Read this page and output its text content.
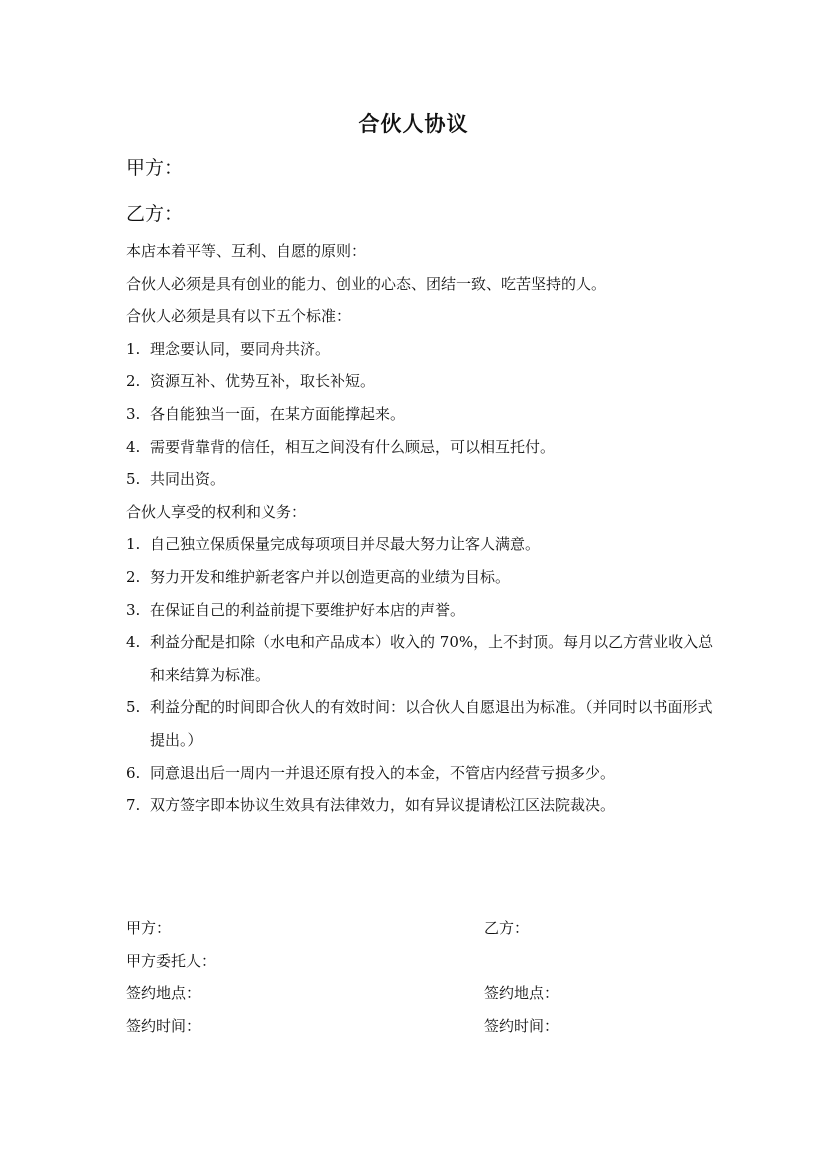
合伙人协议
甲方：
乙方：
本店本着平等、互利、自愿的原则：
合伙人必须是具有创业的能力、创业的心态、团结一致、吃苦坚持的人。
合伙人必须是具有以下五个标准：
1. 理念要认同，要同舟共济。
2. 资源互补、优势互补，取长补短。
3. 各自能独当一面，在某方面能撑起来。
4. 需要背靠背的信任，相互之间没有什么顾忌，可以相互托付。
5. 共同出资。
合伙人享受的权利和义务：
1. 自己独立保质保量完成每项项目并尽最大努力让客人满意。
2. 努力开发和维护新老客户并以创造更高的业绩为目标。
3. 在保证自己的利益前提下要维护好本店的声誉。
4. 利益分配是扣除（水电和产品成本）收入的 70%，上不封顶。每月以乙方营业收入总和来结算为标准。
5. 利益分配的时间即合伙人的有效时间：以合伙人自愿退出为标准。（并同时以书面形式提出。）
6. 同意退出后一周内一并退还原有投入的本金，不管店内经营亏损多少。
7. 双方签字即本协议生效具有法律效力，如有异议提请松江区法院裁决。
甲方：
甲方委托人：
签约地点：
签约时间：
乙方：
签约地点：
签约时间：
